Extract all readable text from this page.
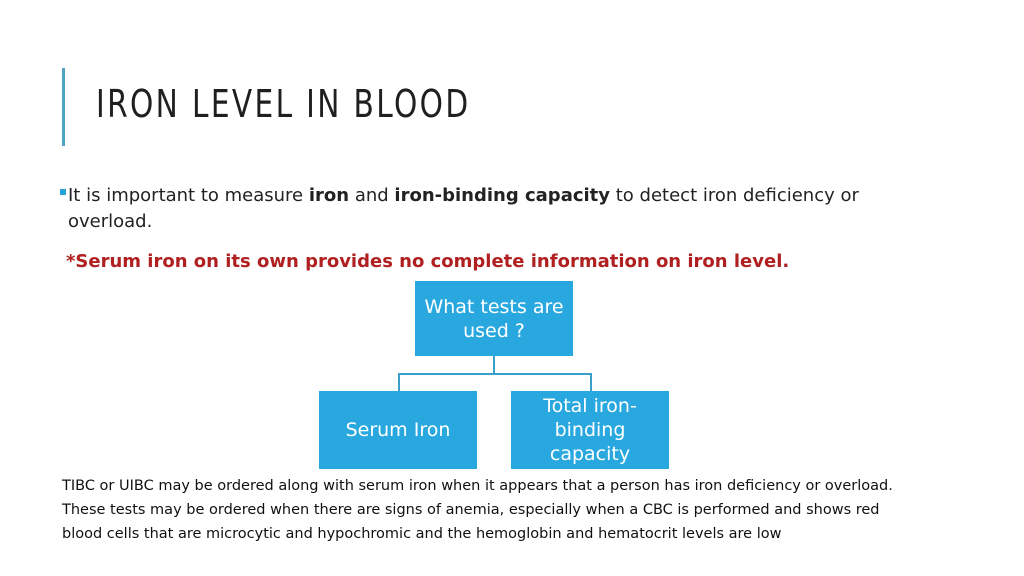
IRON LEVEL IN BLOOD
It is important to measure iron and iron-binding capacity to detect iron deficiency or
overload.
*Serum iron on its own provides no complete information on iron level.
What tests are used ?
Serum Iron
Total iron-binding capacity

TIBC or UIBC may be ordered along with serum iron when it appears that a person has iron deficiency or overload.

These tests may be ordered when there are signs of anemia, especially when a CBC is performed and shows red

blood cells that are microcytic and hypochromic and the hemoglobin and hematocrit levels are low
